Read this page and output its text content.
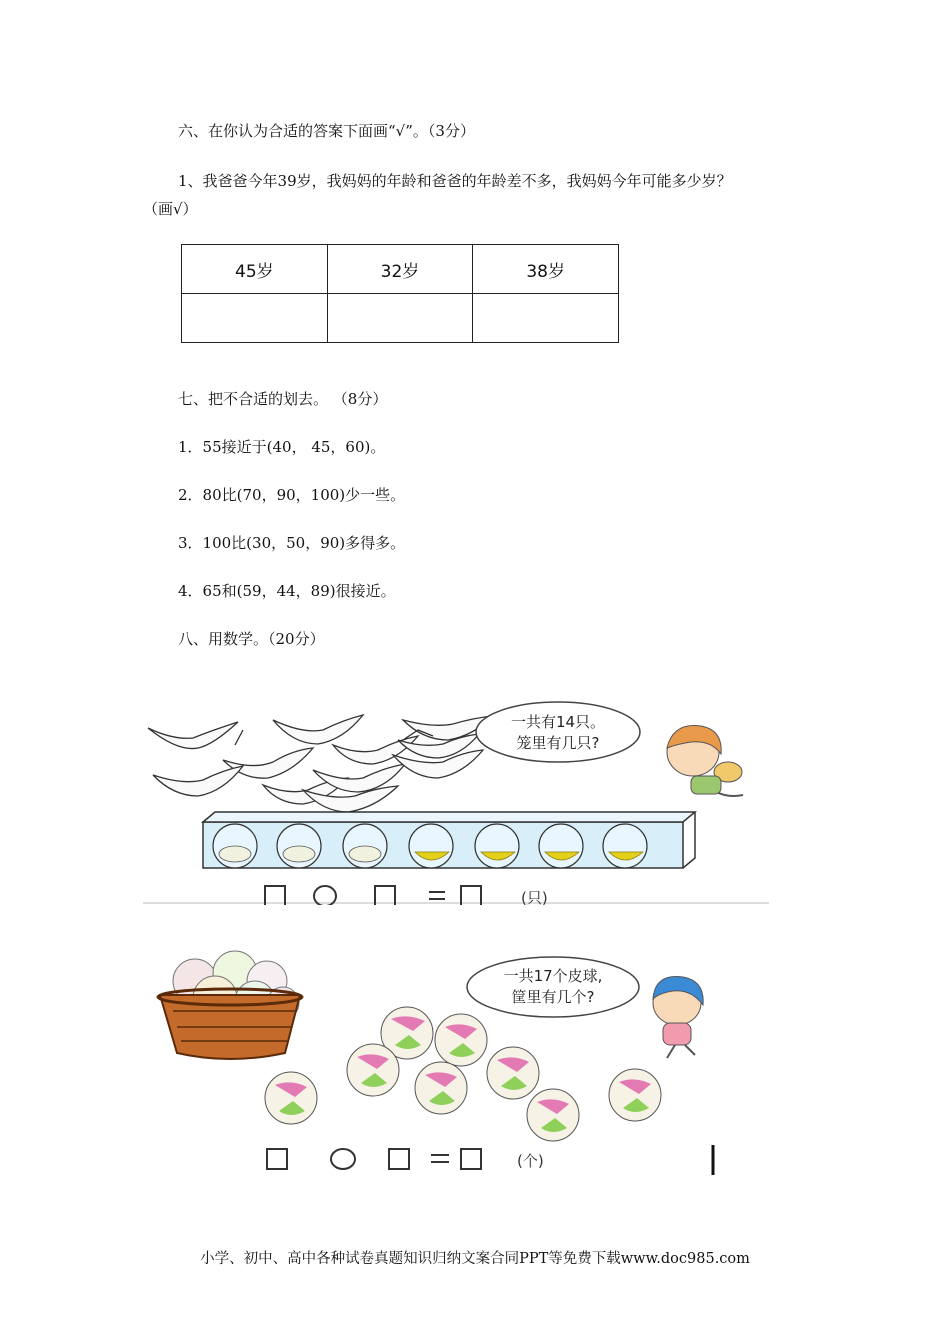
六、在你认为合适的答案下面画“√”。（3分）
1、我爸爸今年39岁，我妈妈的年龄和爸爸的年龄差不多，我妈妈今年可能多少岁？
（画√）
45岁	32岁	38岁

七、把不合适的划去。 （8分）
1．55接近于(40， 45，60)。
2．80比(70，90，100)少一些。
3．100比(30，50，90)多得多。
4．65和(59，44，89)很接近。
八、用数学。（20分）
一共有14只。
笼里有几只?
(只)
一共17个皮球,
筐里有几个?
(个)
小学、初中、高中各种试卷真题知识归纳文案合同PPT等免费下载www.doc985.com
